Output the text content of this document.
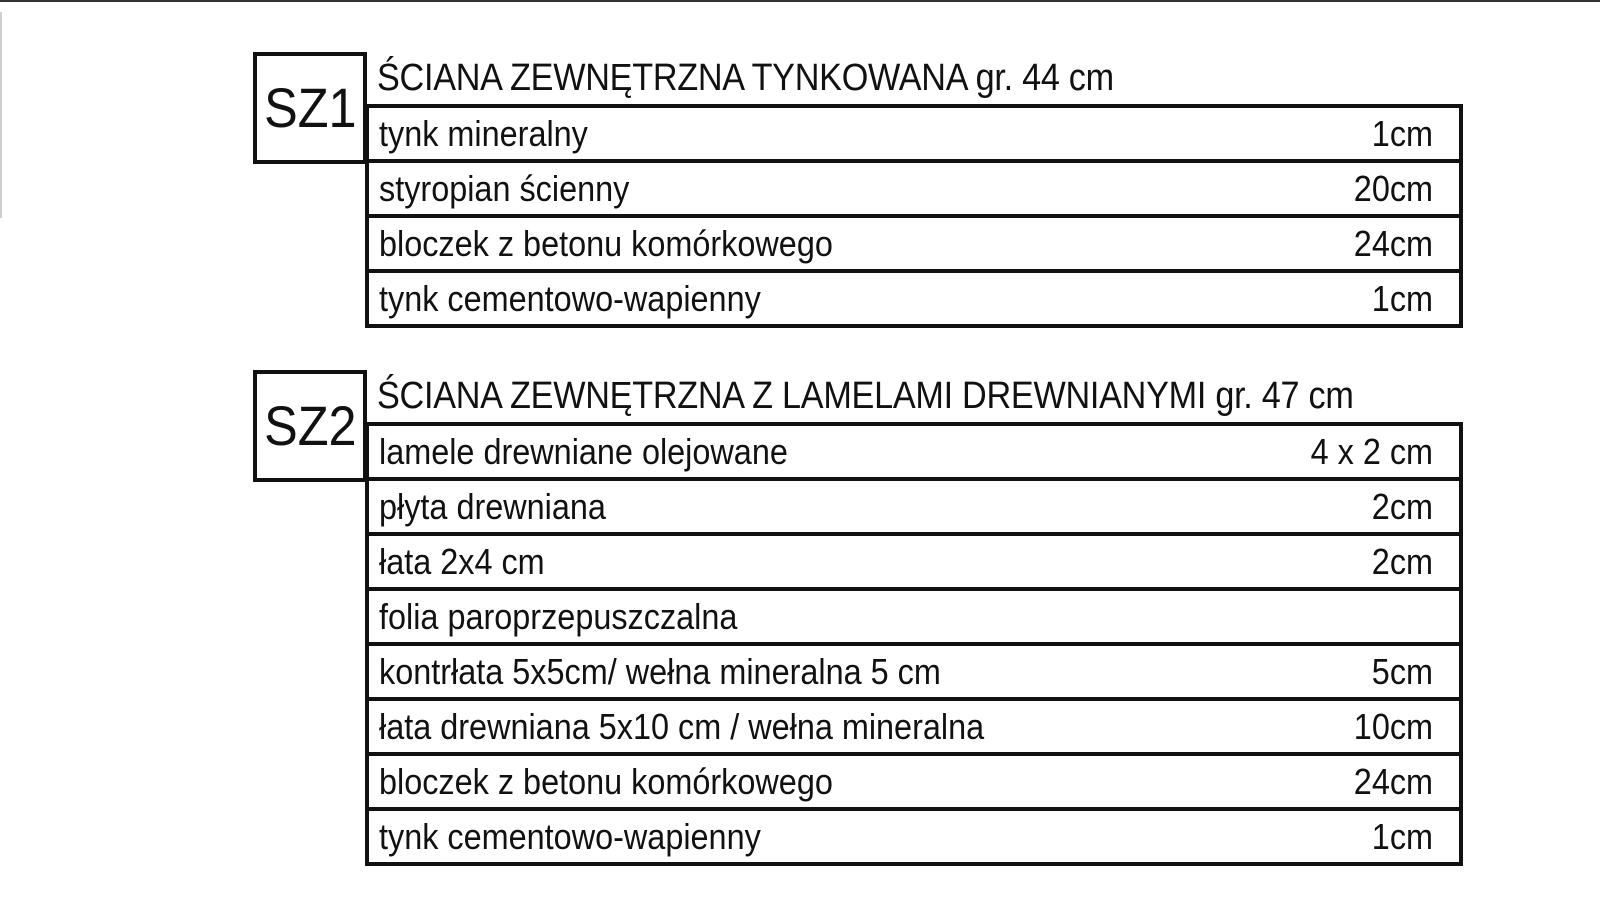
SZ1 ŚCIANA ZEWNĘTRZNA TYNKOWANA gr. 44 cm
tynk mineralny	1cm
styropian ścienny	20cm
bloczek z betonu komórkowego	24cm
tynk cementowo-wapienny	1cm
SZ2 ŚCIANA ZEWNĘTRZNA Z LAMELAMI DREWNIANYMI gr. 47 cm
lamele drewniane olejowane	4 x 2 cm
płyta drewniana	2cm
łata 2x4 cm	2cm
folia paroprzepuszczalna
kontrłata 5x5cm/ wełna mineralna 5 cm	5cm
łata drewniana 5x10 cm / wełna mineralna	10cm
bloczek z betonu komórkowego	24cm
tynk cementowo-wapienny	1cm
